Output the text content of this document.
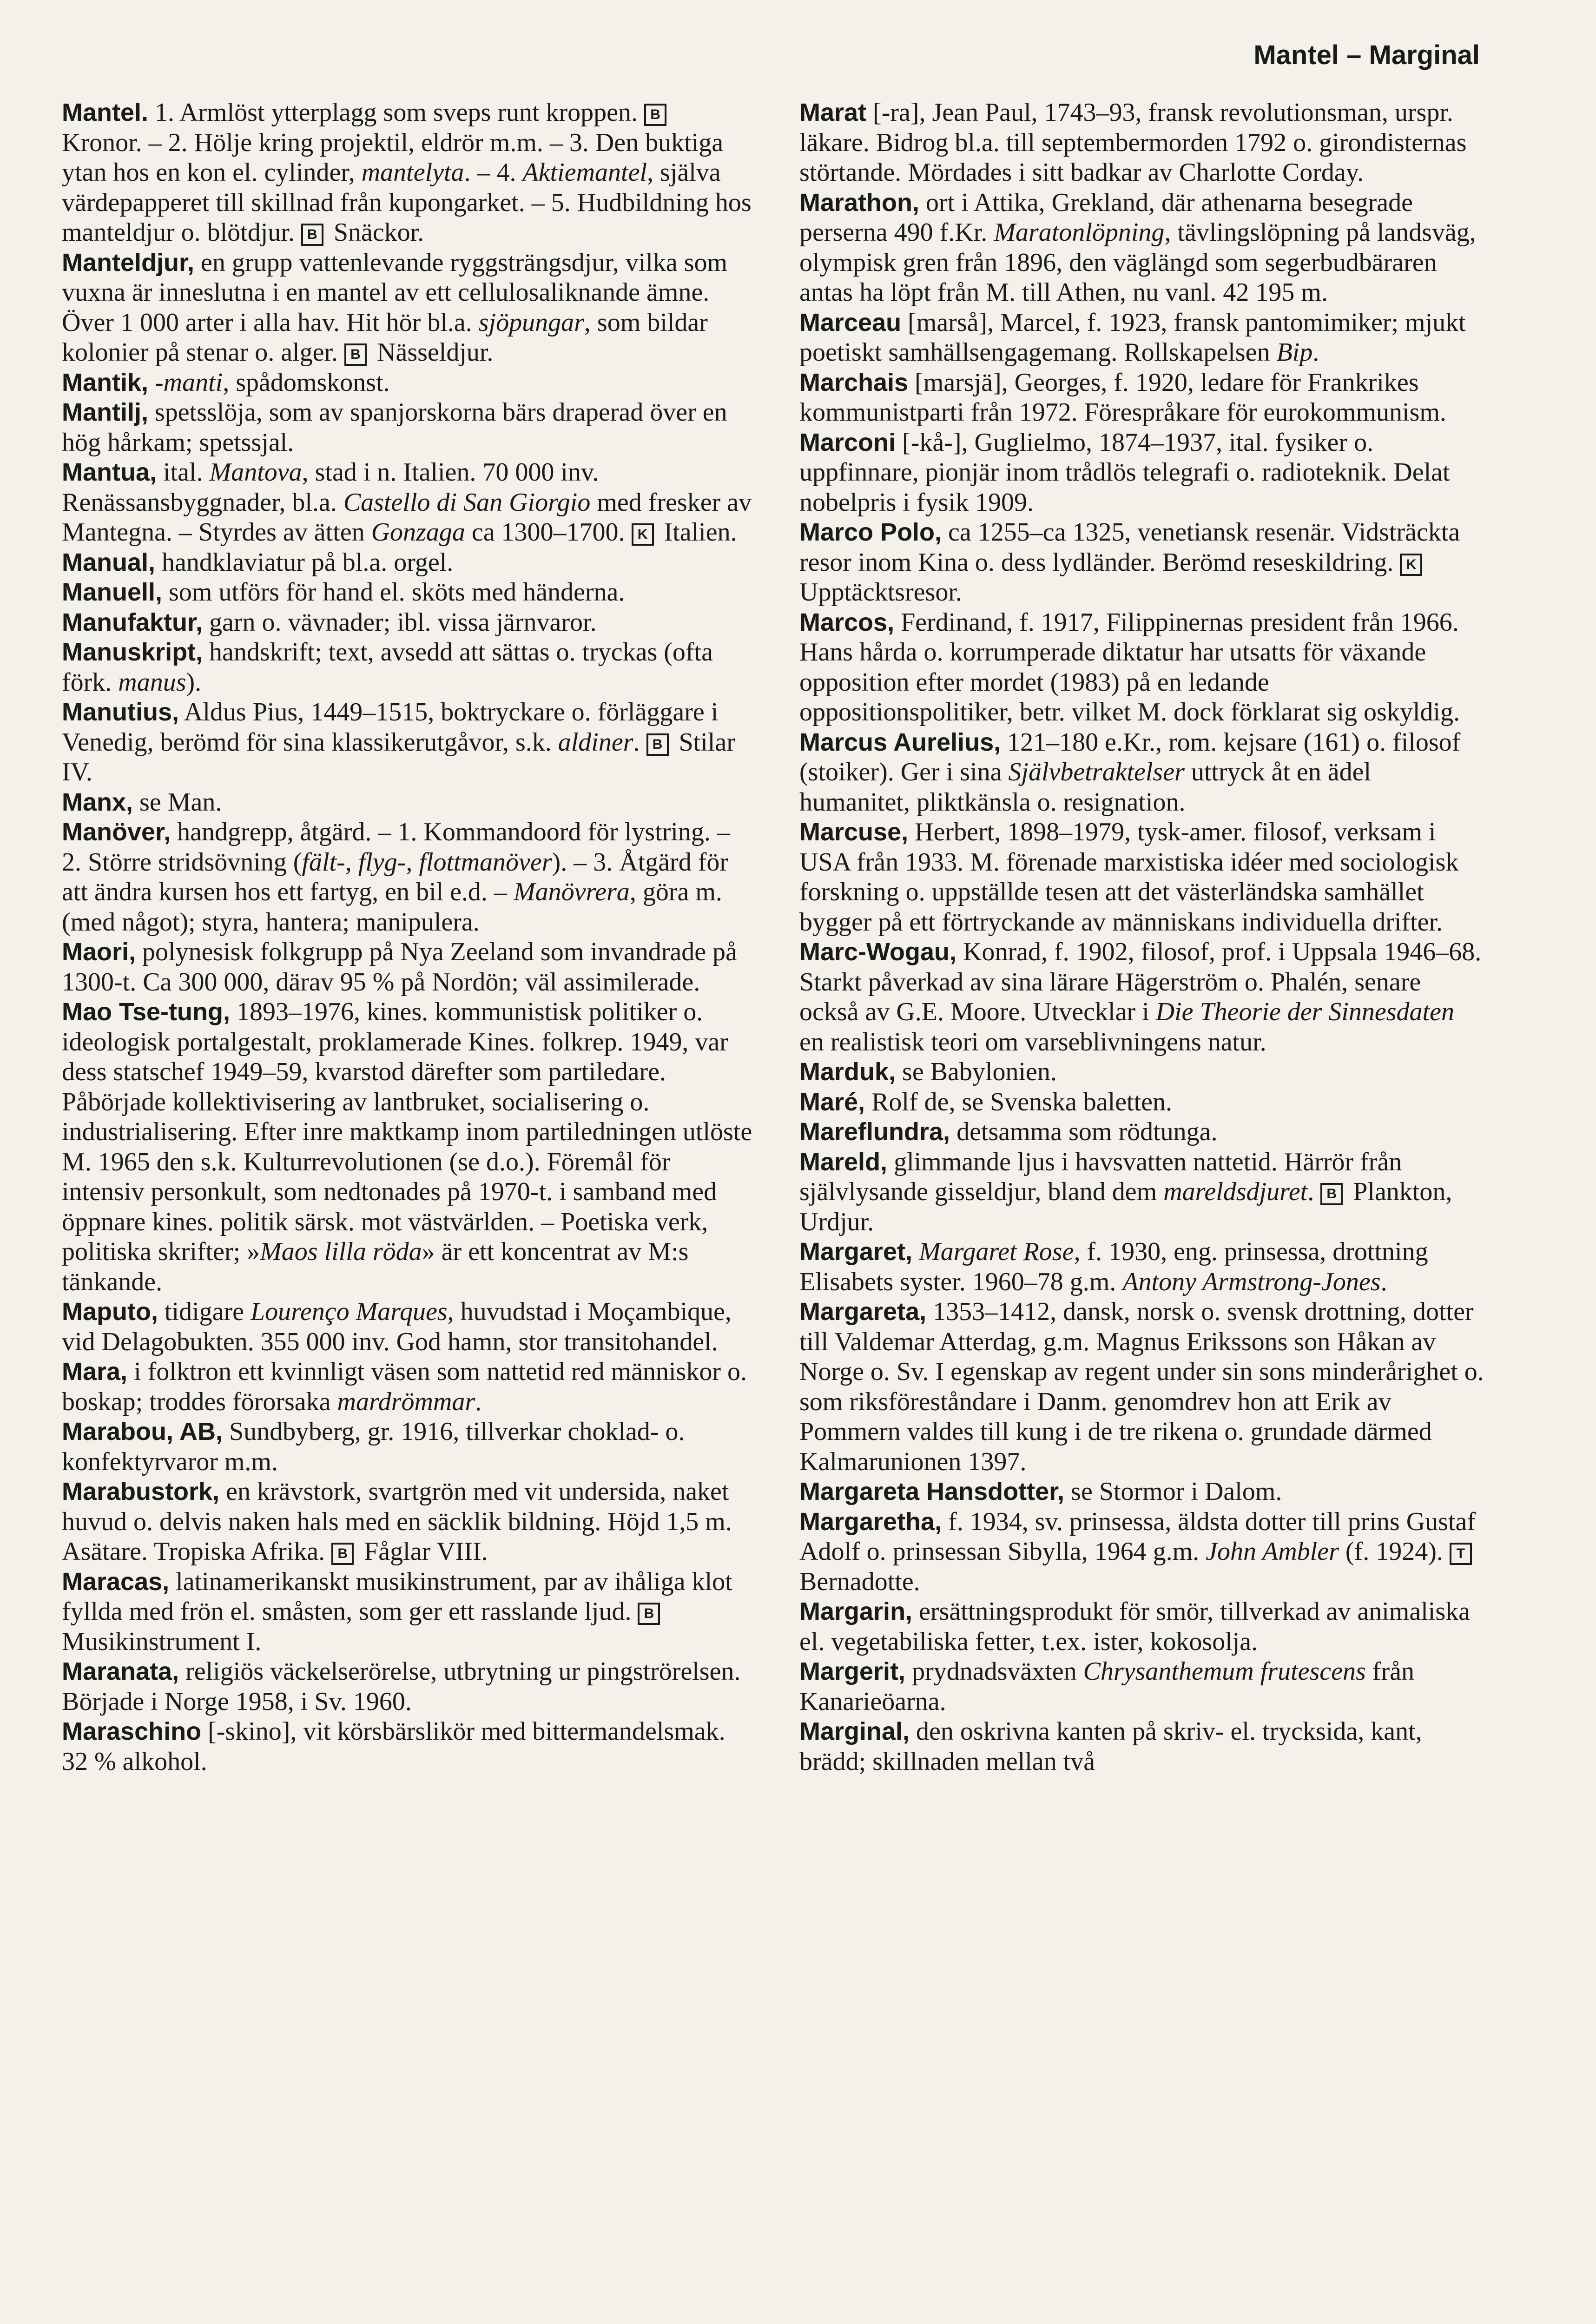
Mantel – Marginal

Mantel. 1. Armlöst ytterplagg som sveps runt kroppen. B Kronor. – 2. Hölje kring projektil, eldrör m.m. – 3. Den buktiga ytan hos en kon el. cylinder, mantelyta. – 4. Aktiemantel, själva värdepapperet till skillnad från kupongarket. – 5. Hudbildning hos manteldjur o. blötdjur. B Snäckor.

Manteldjur, en grupp vattenlevande ryggsträngsdjur, vilka som vuxna är inneslutna i en mantel av ett cellulosaliknande ämne. Över 1 000 arter i alla hav. Hit hör bl.a. sjöpungar, som bildar kolonier på stenar o. alger. B Nässeldjur.

Mantik, -manti, spådomskonst.

Mantilj, spetsslöja, som av spanjorskorna bärs draperad över en hög hårkam; spetssjal.

Mantua, ital. Mantova, stad i n. Italien. 70 000 inv. Renässansbyggnader, bl.a. Castello di San Giorgio med fresker av Mantegna. – Styrdes av ätten Gonzaga ca 1300–1700. K Italien.

Manual, handklaviatur på bl.a. orgel.

Manuell, som utförs för hand el. sköts med händerna.

Manufaktur, garn o. vävnader; ibl. vissa järnvaror.

Manuskript, handskrift; text, avsedd att sättas o. tryckas (ofta förk. manus).

Manutius, Aldus Pius, 1449–1515, boktryckare o. förläggare i Venedig, berömd för sina klassikerutgåvor, s.k. aldiner. B Stilar IV.

Manx, se Man.

Manöver, handgrepp, åtgärd. – 1. Kommandoord för lystring. – 2. Större stridsövning (fält-, flyg-, flottmanöver). – 3. Åtgärd för att ändra kursen hos ett fartyg, en bil e.d. – Manövrera, göra m. (med något); styra, hantera; manipulera.

Maori, polynesisk folkgrupp på Nya Zeeland som invandrade på 1300-t. Ca 300 000, därav 95 % på Nordön; väl assimilerade.

Mao Tse-tung, 1893–1976, kines. kommunistisk politiker o. ideologisk portalgestalt, proklamerade Kines. folkrep. 1949, var dess statschef 1949–59, kvarstod därefter som partiledare. Påbörjade kollektivisering av lantbruket, socialisering o. industrialisering. Efter inre maktkamp inom partiledningen utlöste M. 1965 den s.k. Kulturrevolutionen (se d.o.). Föremål för intensiv personkult, som nedtonades på 1970-t. i samband med öppnare kines. politik särsk. mot västvärlden. – Poetiska verk, politiska skrifter; »Maos lilla röda» är ett koncentrat av M:s tänkande.

Maputo, tidigare Lourenço Marques, huvudstad i Moçambique, vid Delagobukten. 355 000 inv. God hamn, stor transitohandel.

Mara, i folktron ett kvinnligt väsen som nattetid red människor o. boskap; troddes förorsaka mardrömmar.

Marabou, AB, Sundbyberg, gr. 1916, tillverkar choklad- o. konfektyrvaror m.m.

Marabustork, en krävstork, svartgrön med vit undersida, naket huvud o. delvis naken hals med en säcklik bildning. Höjd 1,5 m. Asätare. Tropiska Afrika. B Fåglar VIII.

Maracas, latinamerikanskt musikinstrument, par av ihåliga klot fyllda med frön el. småsten, som ger ett rasslande ljud. B Musikinstrument I.

Maranata, religiös väckelserörelse, utbrytning ur pingströrelsen. Började i Norge 1958, i Sv. 1960.

Maraschino [-skino], vit körsbärslikör med bittermandelsmak. 32 % alkohol.

Marat [-ra], Jean Paul, 1743–93, fransk revolutionsman, urspr. läkare. Bidrog bl.a. till septembermorden 1792 o. girondisternas störtande. Mördades i sitt badkar av Charlotte Corday.

Marathon, ort i Attika, Grekland, där athenarna besegrade perserna 490 f.Kr. Maratonlöpning, tävlingslöpning på landsväg, olympisk gren från 1896, den väglängd som segerbudbäraren antas ha löpt från M. till Athen, nu vanl. 42 195 m.

Marceau [marså], Marcel, f. 1923, fransk pantomimiker; mjukt poetiskt samhällsengagemang. Rollskapelsen Bip.

Marchais [marsjä], Georges, f. 1920, ledare för Frankrikes kommunistparti från 1972. Förespråkare för eurokommunism.

Marconi [-kå-], Guglielmo, 1874–1937, ital. fysiker o. uppfinnare, pionjär inom trådlös telegrafi o. radioteknik. Delat nobelpris i fysik 1909.

Marco Polo, ca 1255–ca 1325, venetiansk resenär. Vidsträckta resor inom Kina o. dess lydländer. Berömd reseskildring. K Upptäcktsresor.

Marcos, Ferdinand, f. 1917, Filippinernas president från 1966. Hans hårda o. korrumperade diktatur har utsatts för växande opposition efter mordet (1983) på en ledande oppositionspolitiker, betr. vilket M. dock förklarat sig oskyldig.

Marcus Aurelius, 121–180 e.Kr., rom. kejsare (161) o. filosof (stoiker). Ger i sina Självbetraktelser uttryck åt en ädel humanitet, pliktkänsla o. resignation.

Marcuse, Herbert, 1898–1979, tysk-amer. filosof, verksam i USA från 1933. M. förenade marxistiska idéer med sociologisk forskning o. uppställde tesen att det västerländska samhället bygger på ett förtryckande av människans individuella drifter.

Marc-Wogau, Konrad, f. 1902, filosof, prof. i Uppsala 1946–68. Starkt påverkad av sina lärare Hägerström o. Phalén, senare också av G.E. Moore. Utvecklar i Die Theorie der Sinnesdaten en realistisk teori om varseblivningens natur.

Marduk, se Babylonien.

Maré, Rolf de, se Svenska baletten.

Mareflundra, detsamma som rödtunga.

Mareld, glimmande ljus i havsvatten nattetid. Härrör från självlysande gisseldjur, bland dem mareldsdjuret. B Plankton, Urdjur.

Margaret, Margaret Rose, f. 1930, eng. prinsessa, drottning Elisabets syster. 1960–78 g.m. Antony Armstrong-Jones.

Margareta, 1353–1412, dansk, norsk o. svensk drottning, dotter till Valdemar Atterdag, g.m. Magnus Erikssons son Håkan av Norge o. Sv. I egenskap av regent under sin sons minderårighet o. som riksföreståndare i Danm. genomdrev hon att Erik av Pommern valdes till kung i de tre rikena o. grundade därmed Kalmarunionen 1397.

Margareta Hansdotter, se Stormor i Dalom.

Margaretha, f. 1934, sv. prinsessa, äldsta dotter till prins Gustaf Adolf o. prinsessan Sibylla, 1964 g.m. John Ambler (f. 1924). T Bernadotte.

Margarin, ersättningsprodukt för smör, tillverkad av animaliska el. vegetabiliska fetter, t.ex. ister, kokosolja.

Margerit, prydnadsväxten Chrysanthemum frutescens från Kanarieöarna.

Marginal, den oskrivna kanten på skriv- el. trycksida, kant, brädd; skillnaden mellan två
